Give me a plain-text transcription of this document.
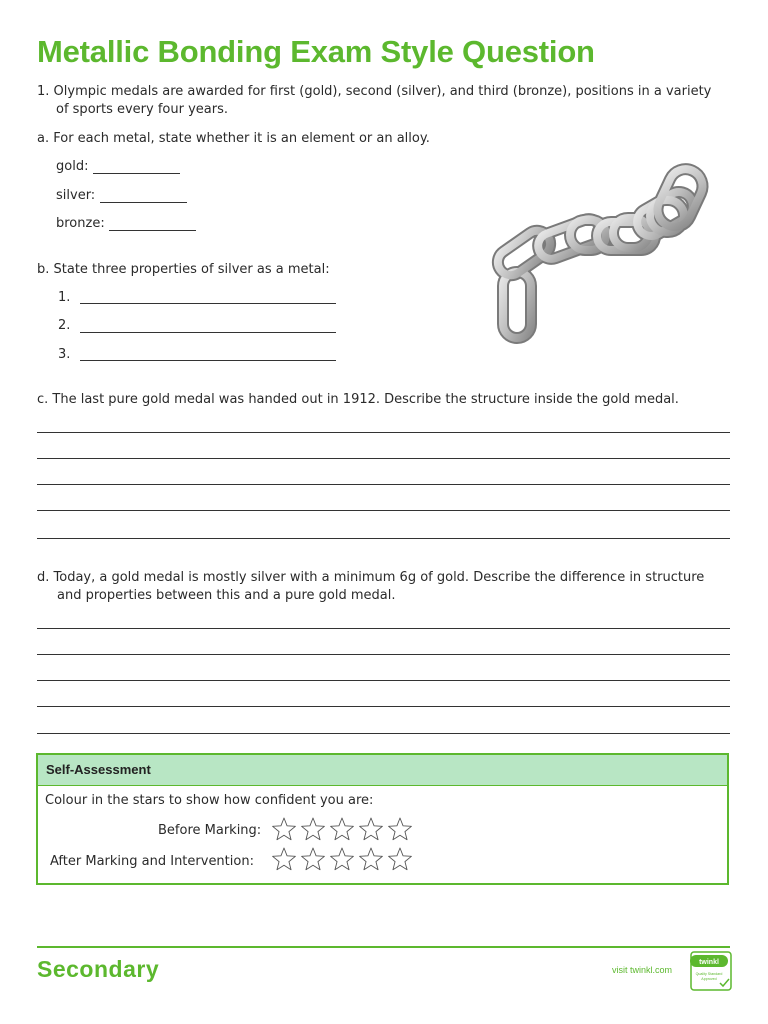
Metallic Bonding Exam Style Question
1. Olympic medals are awarded for first (gold), second (silver), and third (bronze), positions in a variety
of sports every four years.
a. For each metal, state whether it is an element or an alloy.
gold:
silver:
bronze:
b. State three properties of silver as a metal:
1.
2.
3.
c. The last pure gold medal was handed out in 1912. Describe the structure inside the gold medal.
d. Today, a gold medal is mostly silver with a minimum 6g of gold. Describe the difference in structure
and properties between this and a pure gold medal.
Self-Assessment
Colour in the stars to show how confident you are:
Before Marking:
After Marking and Intervention:
Secondary	visit twinkl.com
twinkl
Quality Standard
Approved
